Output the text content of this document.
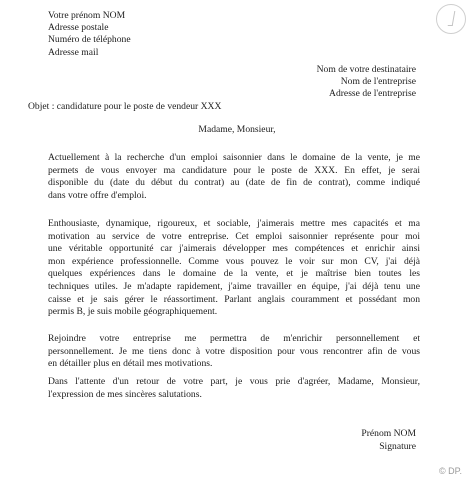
Votre prénom NOM
Adresse postale
Numéro de téléphone
Adresse mail
Nom de votre destinataire
Nom de l'entreprise
Adresse de l'entreprise
Objet : candidature pour le poste de vendeur XXX
Madame, Monsieur,
Actuellement à la recherche d'un emploi saisonnier dans le domaine de la vente, je me
permets de vous envoyer ma candidature pour le poste de XXX. En effet, je serai
disponible du (date du début du contrat) au (date de fin de contrat), comme indiqué
dans votre offre d'emploi.
Enthousiaste, dynamique, rigoureux, et sociable, j'aimerais mettre mes capacités et ma
motivation au service de votre entreprise. Cet emploi saisonnier représente pour moi
une véritable opportunité car j'aimerais développer mes compétences et enrichir ainsi
mon expérience professionnelle. Comme vous pouvez le voir sur mon CV, j'ai déjà
quelques expériences dans le domaine de la vente, et je maîtrise bien toutes les
techniques utiles. Je m'adapte rapidement, j'aime travailler en équipe, j'ai déjà tenu une
caisse et je sais gérer le réassortiment. Parlant anglais couramment et possédant mon
permis B, je suis mobile géographiquement.
Rejoindre votre entreprise me permettra de m'enrichir personnellement et
personnellement. Je me tiens donc à votre disposition pour vous rencontrer afin de vous
en détailler plus en détail mes motivations.
Dans l'attente d'un retour de votre part, je vous prie d'agréer, Madame, Monsieur,
l'expression de mes sincères salutations.
Prénom NOM
Signature
© DP.
